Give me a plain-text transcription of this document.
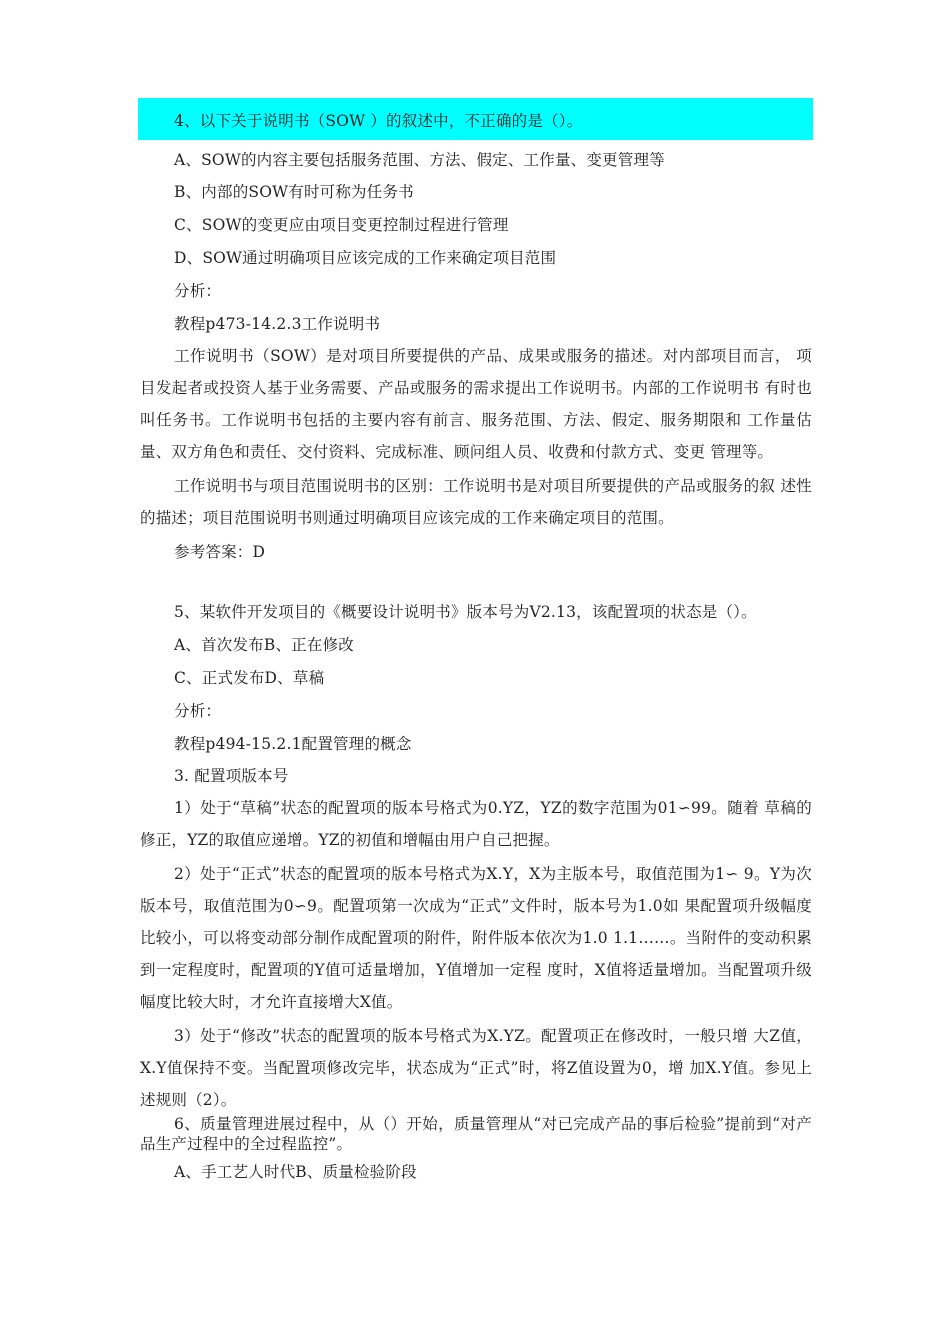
4、以下关于说明书（SOW ）的叙述中，不正确的是（）。
A、SOW的内容主要包括服务范围、方法、假定、工作量、变更管理等
B、内部的SOW有时可称为任务书
C、SOW的变更应由项目变更控制过程进行管理
D、SOW通过明确项目应该完成的工作来确定项目范围
分析：
教程p473-14.2.3工作说明书
工作说明书（SOW）是对项目所要提供的产品、成果或服务的描述。对内部项目而言， 项目发起者或投资人基于业务需要、产品或服务的需求提出工作说明书。内部的工作说明书 有时也叫任务书。工作说明书包括的主要内容有前言、服务范围、方法、假定、服务期限和 工作量估量、双方角色和责任、交付资料、完成标准、顾问组人员、收费和付款方式、变更 管理等。
工作说明书与项目范围说明书的区别：工作说明书是对项目所要提供的产品或服务的叙 述性的描述；项目范围说明书则通过明确项目应该完成的工作来确定项目的范围。
参考答案：D
5、某软件开发项目的《概要设计说明书》版本号为V2.13，该配置项的状态是（）。
A、首次发布B、正在修改
C、正式发布D、草稿
分析：
教程p494-15.2.1配置管理的概念
3. 配置项版本号
1）处于“草稿”状态的配置项的版本号格式为0.YZ，YZ的数字范围为01∽99。随着 草稿的修正，YZ的取值应递增。YZ的初值和增幅由用户自己把握。
2）处于“正式”状态的配置项的版本号格式为X.Y，X为主版本号，取值范围为1∽ 9。Y为次版本号，取值范围为0∽9。配置项第一次成为“正式”文件时，版本号为1.0如 果配置项升级幅度比较小，可以将变动部分制作成配置项的附件，附件版本依次为1.0 1.1……。当附件的变动积累到一定程度时，配置项的Y值可适量增加，Y值增加一定程 度时，X值将适量增加。当配置项升级幅度比较大时，才允许直接增大X值。
3）处于“修改”状态的配置项的版本号格式为X.YZ。配置项正在修改时，一般只增 大Z值，X.Y值保持不变。当配置项修改完毕，状态成为“正式”时，将Z值设置为0，增 加X.Y值。参见上述规则（2）。
6、质量管理进展过程中，从（）开始，质量管理从“对已完成产品的事后检验”提前到“对产品生产过程中的全过程监控”。
A、手工艺人时代B、质量检验阶段
